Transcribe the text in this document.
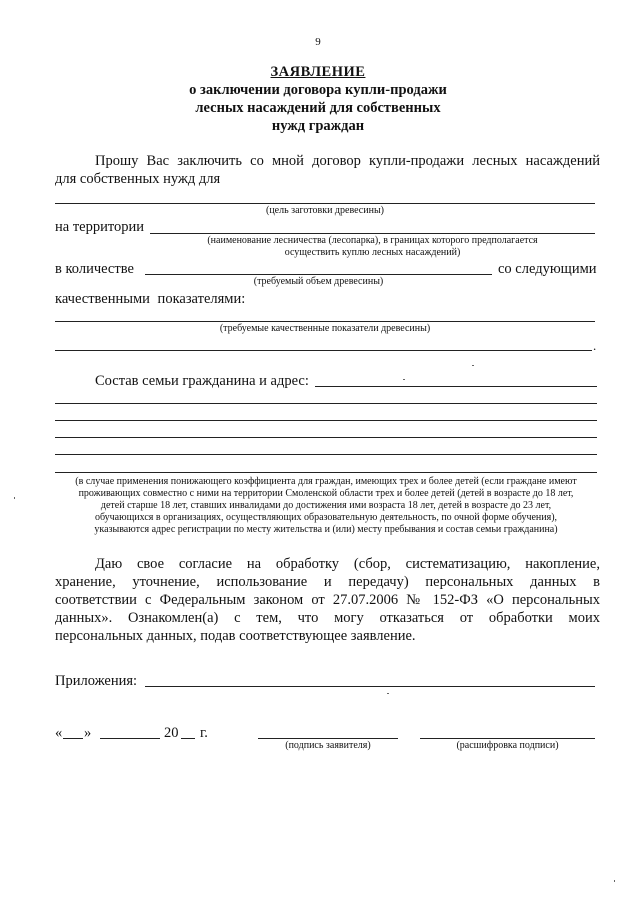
9
ЗАЯВЛЕНИЕ
о заключении договора купли-продажи
лесных насаждений для собственных
нужд граждан
Прошу Вас заключить со мной договор купли-продажи лесных насаждений
для собственных нужд для
(цель заготовки древесины)
на территории
(наименование лесничества (лесопарка), в границах которого предполагается
осуществить куплю лесных насаждений)
в количестве	со следующими
(требуемый объем древесины)
качественными показателями:
(требуемые качественные показатели древесины)
.
Состав семьи гражданина и адрес:
(в случае применения понижающего коэффициента для граждан, имеющих трех и более детей (если граждане имеют
проживающих совместно с ними на территории Смоленской области трех и более детей (детей в возрасте до 18 лет,
детей старше 18 лет, ставших инвалидами до достижения ими возраста 18 лет, детей в возрасте до 23 лет,
обучающихся в организациях, осуществляющих образовательную деятельность, по очной форме обучения),
указываются адрес регистрации по месту жительства и (или) месту пребывания и состав семьи гражданина)
Даю свое согласие на обработку (сбор, систематизацию, накопление,
хранение, уточнение, использование и передачу) персональных данных в
соответствии с Федеральным законом от 27.07.2006 № 152-ФЗ «О персональных
данных». Ознакомлен(а) с тем, что могу отказаться от обработки моих
персональных данных, подав соответствующее заявление.
Приложения:
« »	20 г.
(подпись заявителя)	(расшифровка подписи)
